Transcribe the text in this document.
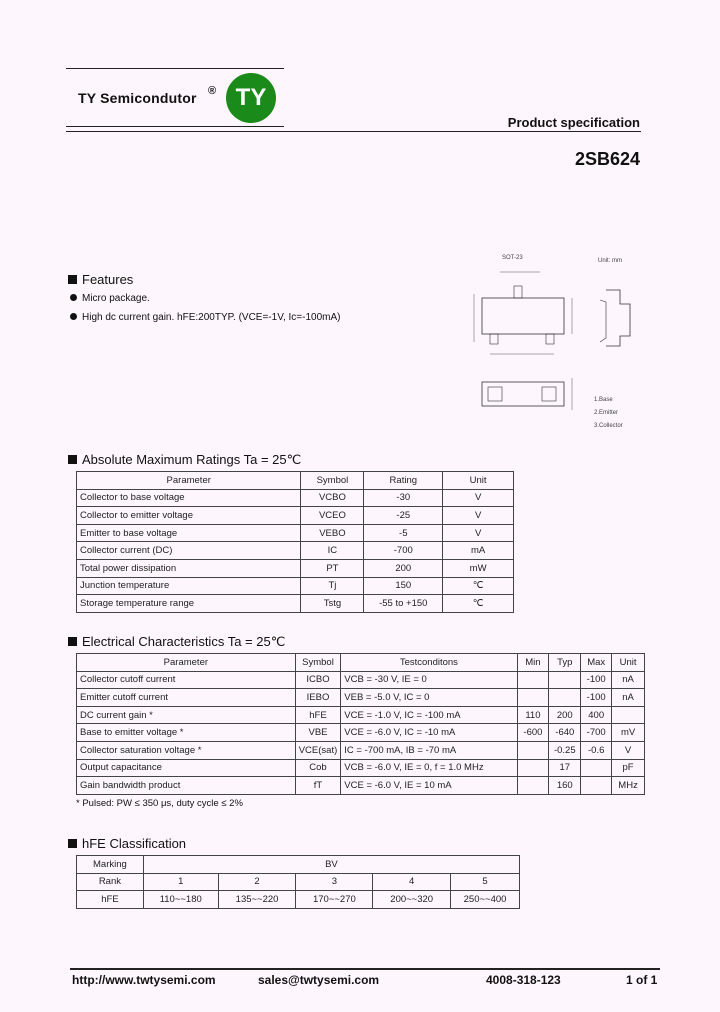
TY Semicondutor ® TY
Product specification
2SB624
Features
Micro package.
High dc current gain. hFE:200TYP. (VCE=-1V, Ic=-100mA)
SOT-23	Unit: mm
1.Base
2.Emitter
3.Collector
Absolute Maximum Ratings Ta = 25℃
Parameter	Symbol	Rating	Unit
Collector to base voltage	VCBO	-30	V
Collector to emitter voltage	VCEO	-25	V
Emitter to base voltage	VEBO	-5	V
Collector current (DC)	IC	-700	mA
Total power dissipation	PT	200	mW
Junction temperature	Tj	150	℃
Storage temperature range	Tstg	-55 to +150	℃
Electrical Characteristics Ta = 25℃
Parameter	Symbol	Testconditons	Min	Typ	Max	Unit
Collector cutoff current	ICBO	VCB = -30 V, IE = 0			-100	nA
Emitter cutoff current	IEBO	VEB = -5.0 V, IC = 0			-100	nA
DC current gain *	hFE	VCE = -1.0 V, IC = -100 mA	110	200	400	
Base to emitter voltage *	VBE	VCE = -6.0 V, IC = -10 mA	-600	-640	-700	mV
Collector saturation voltage *	VCE(sat)	IC = -700 mA, IB = -70 mA		-0.25	-0.6	V
Output capacitance	Cob	VCB = -6.0 V, IE = 0, f = 1.0 MHz		17		pF
Gain bandwidth product	fT	VCE = -6.0 V, IE = 10 mA		160		MHz
* Pulsed: PW ≤ 350 μs, duty cycle ≤ 2%
hFE Classification
Marking	BV				
Rank	1	2	3	4	5
hFE	110~~180	135~~220	170~~270	200~~320	250~~400
http://www.twtysemi.com	sales@twtysemi.com	4008-318-123	1 of 1
